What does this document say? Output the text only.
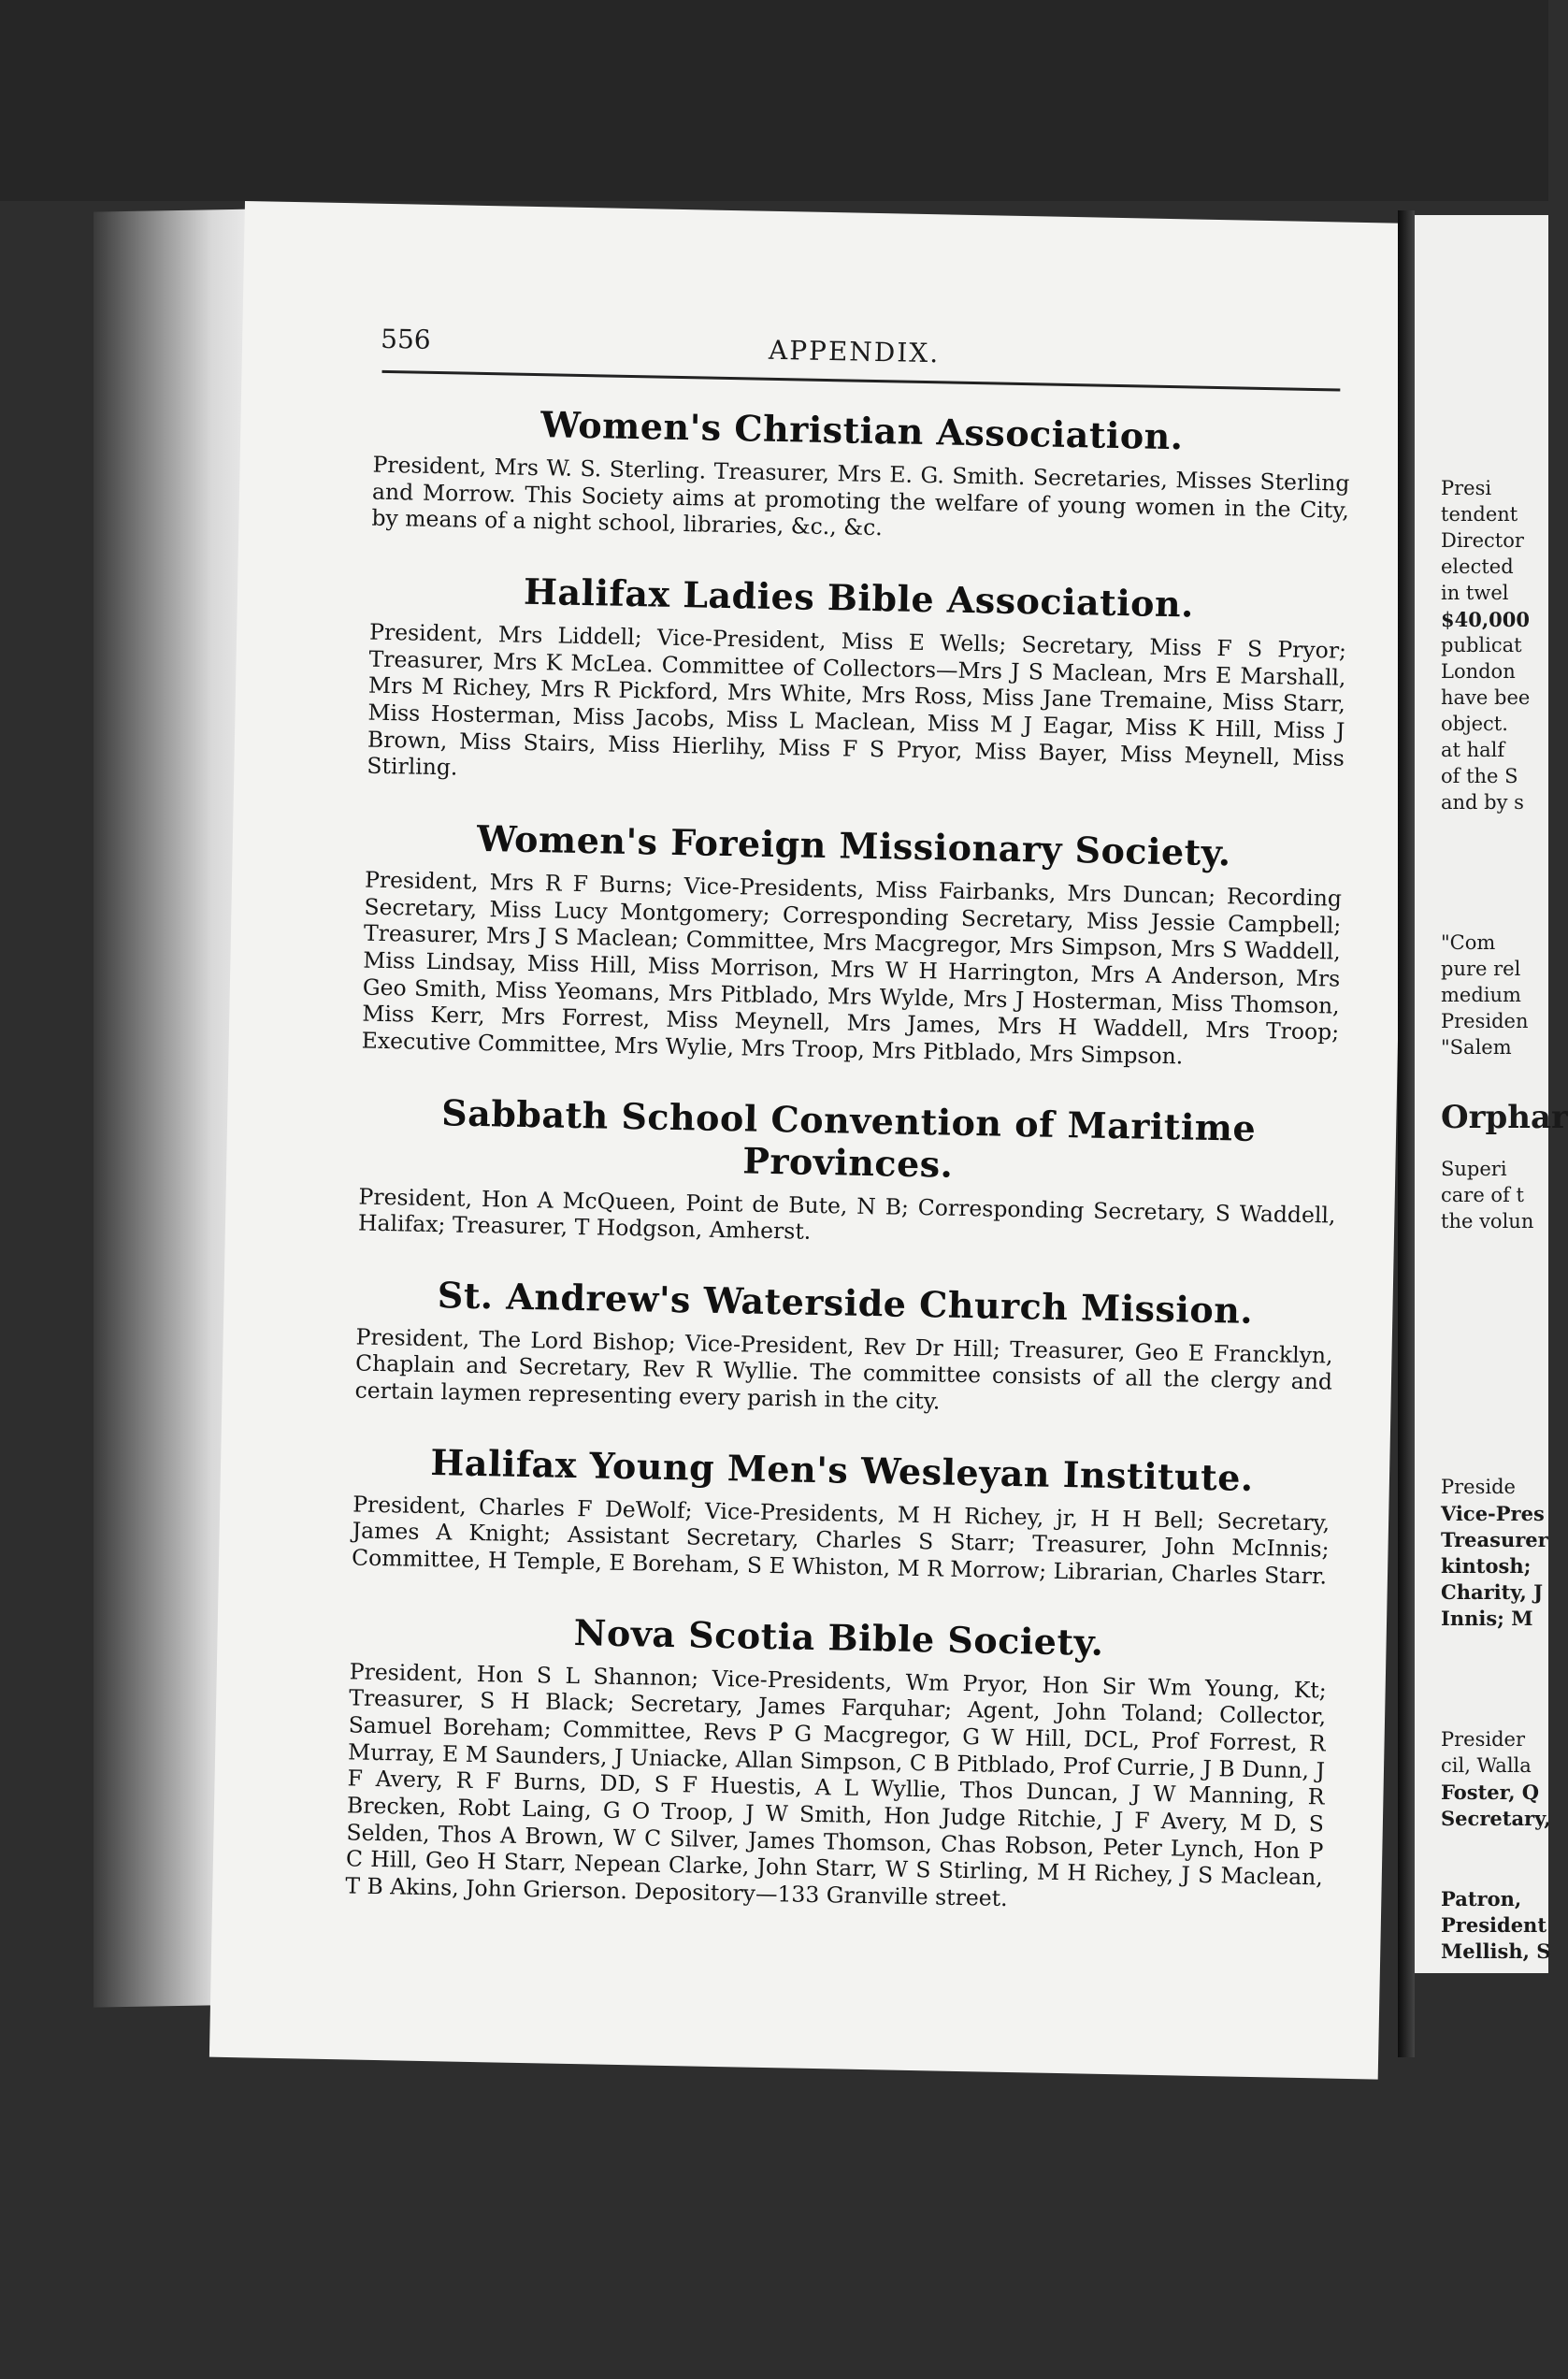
556	APPENDIX.
Women's Christian Association.

President, Mrs W. S. Sterling. Treasurer, Mrs E. G. Smith. Secretaries, Misses Sterling and Morrow. This Society aims at promoting the welfare of young women in the City, by means of a night school, libraries, &c., &c.

Halifax Ladies Bible Association.

President, Mrs Liddell; Vice-President, Miss E Wells; Secretary, Miss F S Pryor; Treasurer, Mrs K McLea. Committee of Collectors—Mrs J S Maclean, Mrs E Marshall, Mrs M Richey, Mrs R Pickford, Mrs White, Mrs Ross, Miss Jane Tremaine, Miss Starr, Miss Hosterman, Miss Jacobs, Miss L Maclean, Miss M J Eagar, Miss K Hill, Miss J Brown, Miss Stairs, Miss Hierlihy, Miss F S Pryor, Miss Bayer, Miss Meynell, Miss Stirling.

Women's Foreign Missionary Society.

President, Mrs R F Burns; Vice-Presidents, Miss Fairbanks, Mrs Duncan; Recording Secretary, Miss Lucy Montgomery; Corresponding Secretary, Miss Jessie Campbell; Treasurer, Mrs J S Maclean; Committee, Mrs Macgregor, Mrs Simpson, Mrs S Waddell, Miss Lindsay, Miss Hill, Miss Morrison, Mrs W H Harrington, Mrs A Anderson, Mrs Geo Smith, Miss Yeomans, Mrs Pitblado, Mrs Wylde, Mrs J Hosterman, Miss Thomson, Miss Kerr, Mrs Forrest, Miss Meynell, Mrs James, Mrs H Waddell, Mrs Troop; Executive Committee, Mrs Wylie, Mrs Troop, Mrs Pitblado, Mrs Simpson.

Sabbath School Convention of Maritime Provinces.

President, Hon A McQueen, Point de Bute, N B; Corresponding Secretary, S Waddell, Halifax; Treasurer, T Hodgson, Amherst.

St. Andrew's Waterside Church Mission.

President, The Lord Bishop; Vice-President, Rev Dr Hill; Treasurer, Geo E Francklyn, Chaplain and Secretary, Rev R Wyllie. The committee consists of all the clergy and certain laymen representing every parish in the city.

Halifax Young Men's Wesleyan Institute.

President, Charles F DeWolf; Vice-Presidents, M H Richey, jr, H H Bell; Secretary, James A Knight; Assistant Secretary, Charles S Starr; Treasurer, John McInnis; Committee, H Temple, E Boreham, S E Whiston, M R Morrow; Librarian, Charles Starr.

Nova Scotia Bible Society.

President, Hon S L Shannon; Vice-Presidents, Wm Pryor, Hon Sir Wm Young, Kt; Treasurer, S H Black; Secretary, James Farquhar; Agent, John Toland; Collector, Samuel Boreham; Committee, Revs P G Macgregor, G W Hill, DCL, Prof Forrest, R Murray, E M Saunders, J Uniacke, Allan Simpson, C B Pitblado, Prof Currie, J B Dunn, J F Avery, R F Burns, DD, S F Huestis, A L Wyllie, Thos Duncan, J W Manning, R Brecken, Robt Laing, G O Troop, J W Smith, Hon Judge Ritchie, J F Avery, M D, S Selden, Thos A Brown, W C Silver, James Thomson, Chas Robson, Peter Lynch, Hon P C Hill, Geo H Starr, Nepean Clarke, John Starr, W S Stirling, M H Richey, J S Maclean, T B Akins, John Grierson. Depository—133 Granville street.

Presi
tendent
Director
elected
in twel
$40,000
publicat
London
have bee
object.
at half
of the S
and by s
"Com
pure rel
medium
Presiden
"Salem
Orphar
Superi
care of t
the volun
Preside
Vice-Pres
Treasurer
kintosh;
Charity, J
Innis; M
Presider
cil, Walla
Foster, Q
Secretary,
Patron,
President
Mellish, S
